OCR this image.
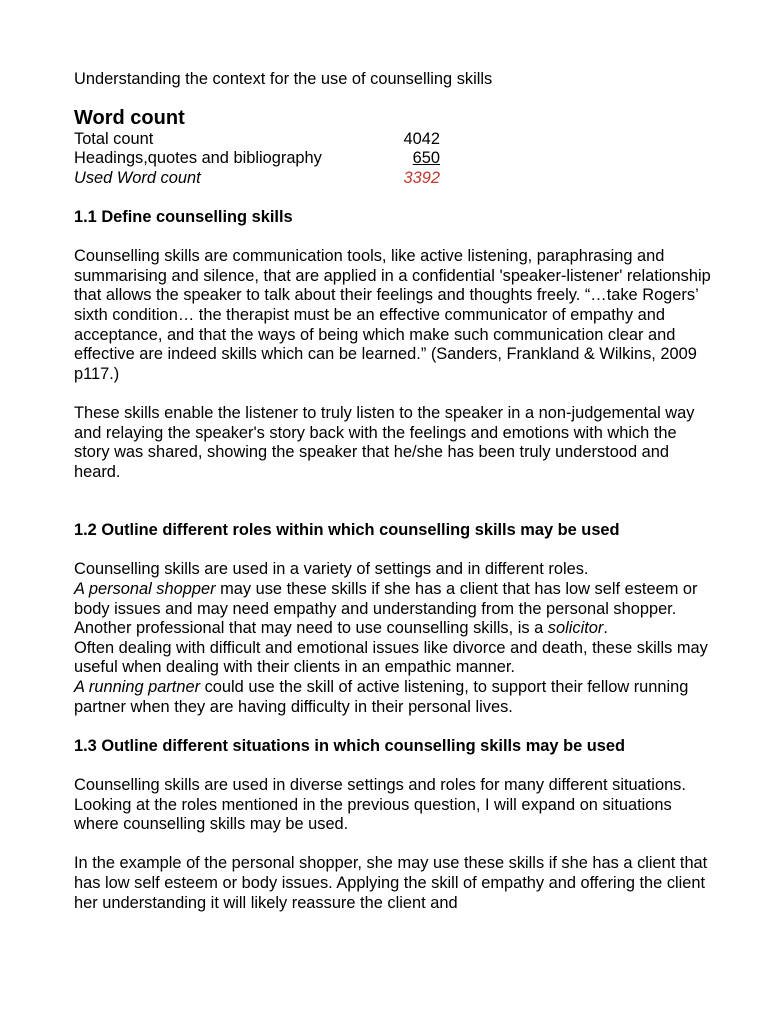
Understanding the context for the use of counselling skills

Word count
Total count	4042
Headings,quotes and bibliography	650
Used Word count	3392
1.1 Define counselling skills

Counselling skills are communication tools, like active listening, paraphrasing and summarising and silence, that are applied in a confidential 'speaker-listener' relationship that allows the speaker to talk about their feelings and thoughts freely. “…take Rogers’ sixth condition… the therapist must be an effective communicator of empathy and acceptance, and that the ways of being which make such communication clear and effective are indeed skills which can be learned.” (Sanders, Frankland & Wilkins, 2009 p117.)

These skills enable the listener to truly listen to the speaker in a non-judgemental way and relaying the speaker's story back with the feelings and emotions with which the story was shared, showing the speaker that he/she has been truly understood and heard.

1.2 Outline different roles within which counselling skills may be used

Counselling skills are used in a variety of settings and in different roles.

A personal shopper may use these skills if she has a client that has low self esteem or body issues and may need empathy and understanding from the personal shopper.

Another professional that may need to use counselling skills, is a solicitor.

Often dealing with difficult and emotional issues like divorce and death, these skills may useful when dealing with their clients in an empathic manner.

A running partner could use the skill of active listening, to support their fellow running partner when they are having difficulty in their personal lives.

1.3 Outline different situations in which counselling skills may be used

Counselling skills are used in diverse settings and roles for many different situations. Looking at the roles mentioned in the previous question, I will expand on situations where counselling skills may be used.

In the example of the personal shopper, she may use these skills if she has a client that has low self esteem or body issues. Applying the skill of empathy and offering the client her understanding it will likely reassure the client and
